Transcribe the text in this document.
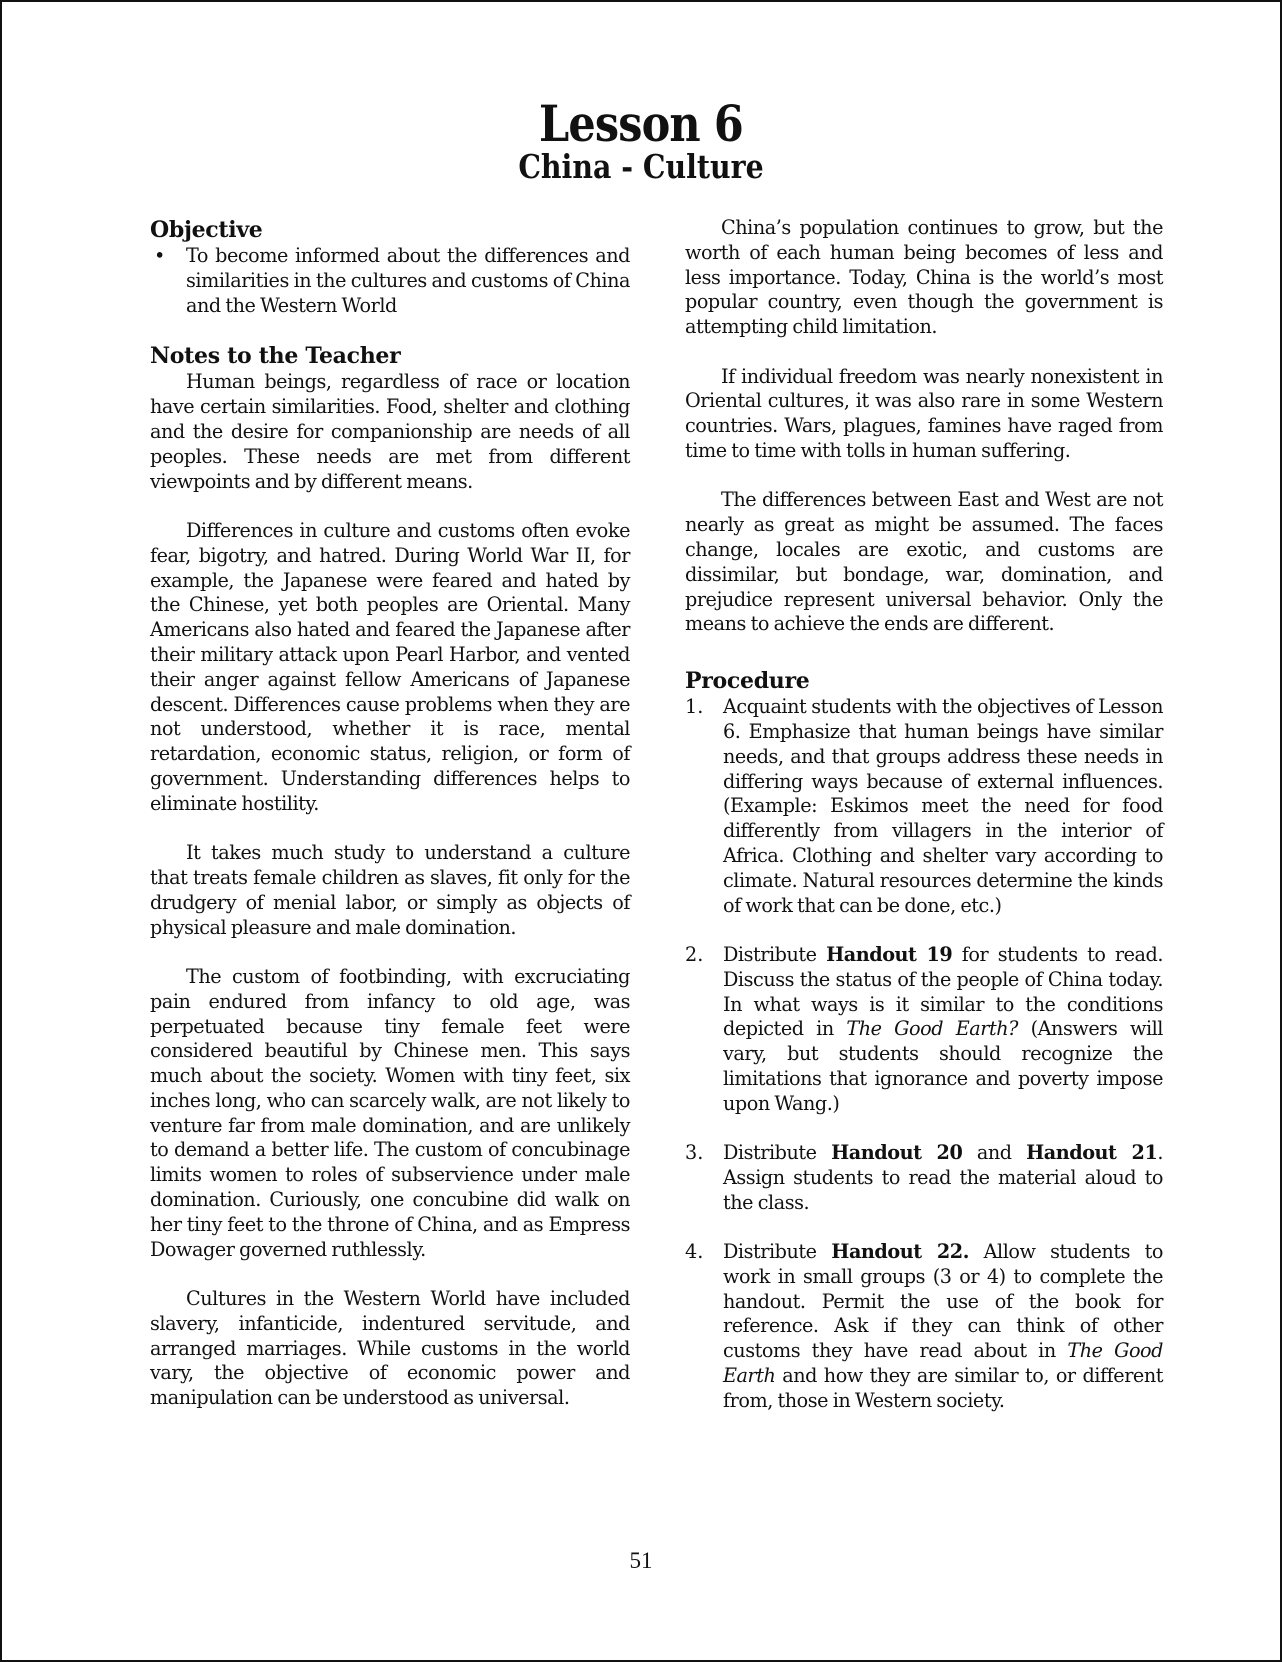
Lesson 6
China - Culture
Objective
•	To become informed about the differences and similarities in the cultures and customs of China and the Western World
Notes to the Teacher

Human beings, regardless of race or location have certain similarities. Food, shelter and clothing and the desire for companionship are needs of all peoples. These needs are met from different viewpoints and by different means.

Differences in culture and customs often evoke fear, bigotry, and hatred. During World War II, for example, the Japanese were feared and hated by the Chinese, yet both peoples are Oriental. Many Americans also hated and feared the Japanese after their military attack upon Pearl Harbor, and vented their anger against fellow Americans of Japanese descent. Differences cause problems when they are not understood, whether it is race, mental retardation, economic status, religion, or form of government. Understanding differences helps to eliminate hostility.

It takes much study to understand a culture that treats female children as slaves, fit only for the drudgery of menial labor, or simply as objects of physical pleasure and male domination.

The custom of footbinding, with excruciating pain endured from infancy to old age, was perpetuated because tiny female feet were considered beautiful by Chinese men. This says much about the society. Women with tiny feet, six inches long, who can scarcely walk, are not likely to venture far from male domination, and are unlikely to demand a better life. The custom of concubinage limits women to roles of subservience under male domination. Curiously, one concubine did walk on her tiny feet to the throne of China, and as Empress Dowager governed ruthlessly.

Cultures in the Western World have included slavery, infanticide, indentured servitude, and arranged marriages. While customs in the world vary, the objective of economic power and manipulation can be understood as universal.

China’s population continues to grow, but the worth of each human being becomes of less and less importance. Today, China is the world’s most popular country, even though the government is attempting child limitation.

If individual freedom was nearly nonexistent in Oriental cultures, it was also rare in some Western countries. Wars, plagues, famines have raged from time to time with tolls in human suffering.

The differences between East and West are not nearly as great as might be assumed. The faces change, locales are exotic, and customs are dissimilar, but bondage, war, domination, and prejudice represent universal behavior. Only the means to achieve the ends are different.

Procedure
1.	Acquaint students with the objectives of Lesson 6. Emphasize that human beings have similar needs, and that groups address these needs in differing ways because of external influences. (Example: Eskimos meet the need for food differently from villagers in the interior of Africa. Clothing and shelter vary according to climate. Natural resources determine the kinds of work that can be done, etc.)
2.	Distribute Handout 19 for students to read. Discuss the status of the people of China today. In what ways is it similar to the conditions depicted in The Good Earth? (Answers will vary, but students should recognize the limitations that ignorance and poverty impose upon Wang.)
3.	Distribute Handout 20 and Handout 21. Assign students to read the material aloud to the class.
4.	Distribute Handout 22. Allow students to work in small groups (3 or 4) to complete the handout. Permit the use of the book for reference. Ask if they can think of other customs they have read about in The Good Earth and how they are similar to, or different from, those in Western society.
51
